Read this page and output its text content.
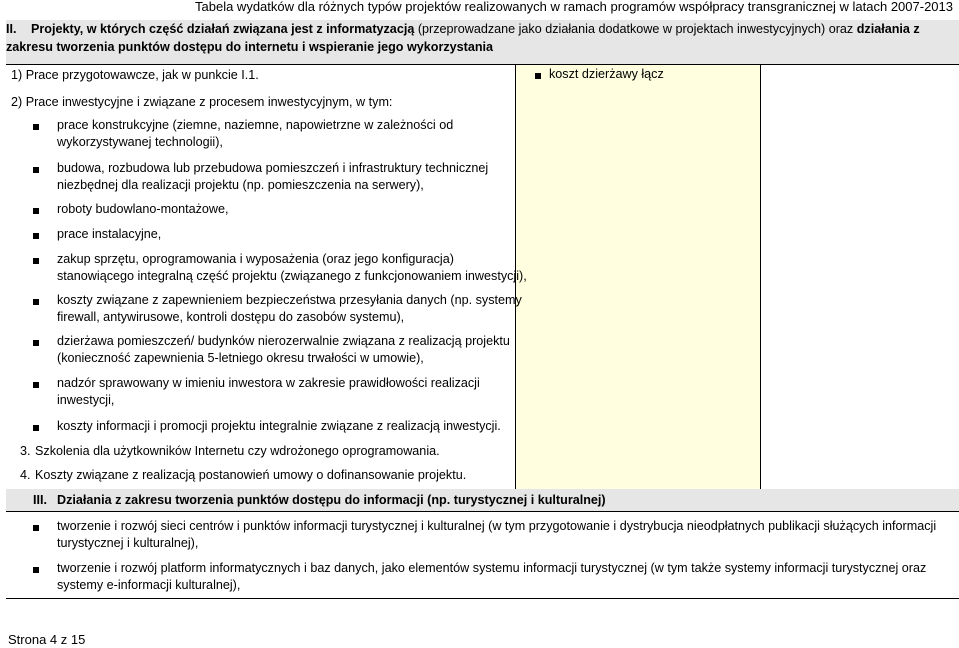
Tabela wydatków dla różnych typów projektów realizowanych w ramach programów współpracy transgranicznej w latach 2007-2013
II. Projekty, w których część działań związana jest z informatyzacją (przeprowadzane jako działania dodatkowe w projektach inwestycyjnych) oraz działania z
zakresu tworzenia punktów dostępu do internetu i wspieranie jego wykorzystania
1) Prace przygotowawcze, jak w punkcie I.1.
2) Prace inwestycyjne i związane z procesem inwestycyjnym, w tym:
prace konstrukcyjne (ziemne, naziemne, napowietrzne w zależności od
wykorzystywanej technologii),
budowa, rozbudowa lub przebudowa pomieszczeń i infrastruktury technicznej
niezbędnej dla realizacji projektu (np. pomieszczenia na serwery),
roboty budowlano-montażowe,
prace instalacyjne,
zakup sprzętu, oprogramowania i wyposażenia (oraz jego konfiguracja)
stanowiącego integralną część projektu (związanego z funkcjonowaniem inwestycji),
koszty związane z zapewnieniem bezpieczeństwa przesyłania danych (np. systemy
firewall, antywirusowe, kontroli dostępu do zasobów systemu),
dzierżawa pomieszczeń/ budynków nierozerwalnie związana z realizacją projektu
(konieczność zapewnienia 5-letniego okresu trwałości w umowie),
nadzór sprawowany w imieniu inwestora w zakresie prawidłowości realizacji
inwestycji,
koszty informacji i promocji projektu integralnie związane z realizacją inwestycji.
3. Szkolenia dla użytkowników Internetu czy wdrożonego oprogramowania.
4. Koszty związane z realizacją postanowień umowy o dofinansowanie projektu.
koszt dzierżawy łącz
III. Działania z zakresu tworzenia punktów dostępu do informacji (np. turystycznej i kulturalnej)
tworzenie i rozwój sieci centrów i punktów informacji turystycznej i kulturalnej (w tym przygotowanie i dystrybucja nieodpłatnych publikacji służących informacji
turystycznej i kulturalnej),
tworzenie i rozwój platform informatycznych i baz danych, jako elementów systemu informacji turystycznej (w tym także systemy informacji turystycznej oraz
systemy e-informacji kulturalnej),
Strona 4 z 15
